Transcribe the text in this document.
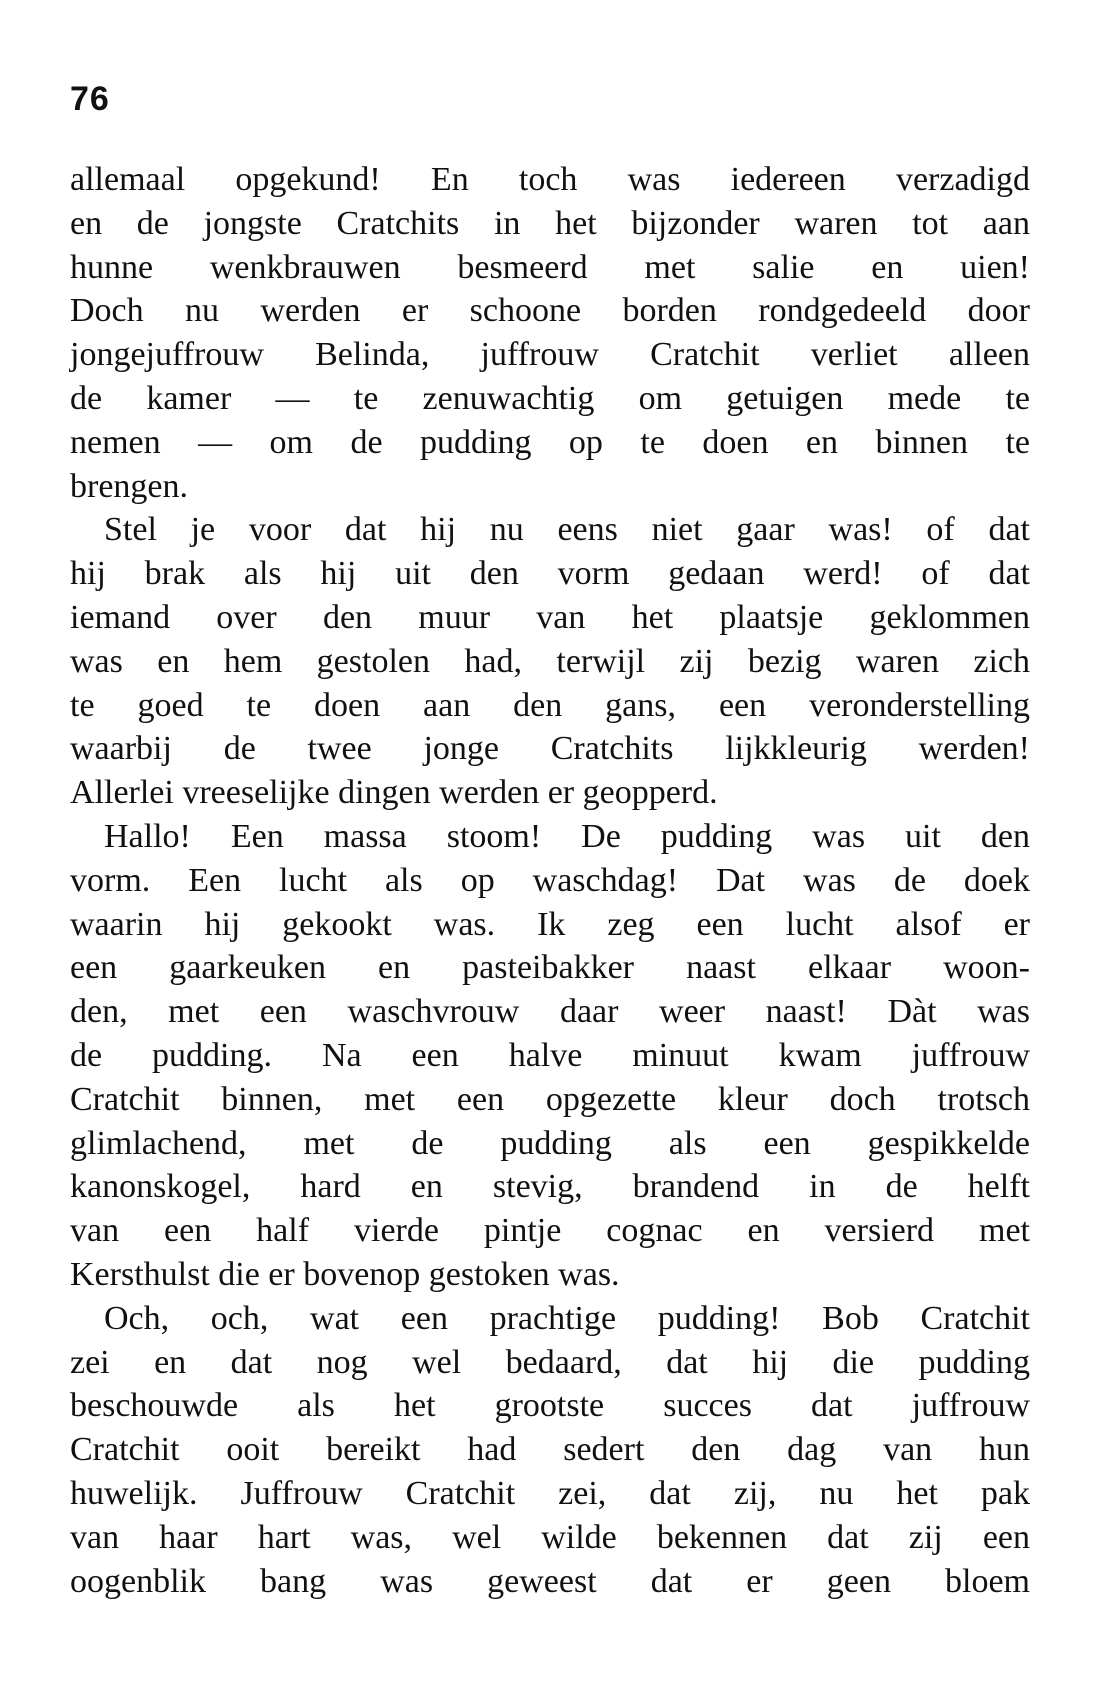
76
allemaal opgekund! En toch was iedereen verzadigd
en de jongste Cratchits in het bijzonder waren tot aan
hunne wenkbrauwen besmeerd met salie en uien!
Doch nu werden er schoone borden rondgedeeld door
jongejuffrouw Belinda, juffrouw Cratchit verliet alleen
de kamer — te zenuwachtig om getuigen mede te
nemen — om de pudding op te doen en binnen te
brengen.
Stel je voor dat hij nu eens niet gaar was! of dat
hij brak als hij uit den vorm gedaan werd! of dat
iemand over den muur van het plaatsje geklommen
was en hem gestolen had, terwijl zij bezig waren zich
te goed te doen aan den gans, een veronderstelling
waarbij de twee jonge Cratchits lijkkleurig werden!
Allerlei vreeselijke dingen werden er geopperd.
Hallo! Een massa stoom! De pudding was uit den
vorm. Een lucht als op waschdag! Dat was de doek
waarin hij gekookt was. Ik zeg een lucht alsof er
een gaarkeuken en pasteibakker naast elkaar woon-
den, met een waschvrouw daar weer naast! Dàt was
de pudding. Na een halve minuut kwam juffrouw
Cratchit binnen, met een opgezette kleur doch trotsch
glimlachend, met de pudding als een gespikkelde
kanonskogel, hard en stevig, brandend in de helft
van een half vierde pintje cognac en versierd met
Kersthulst die er bovenop gestoken was.
Och, och, wat een prachtige pudding! Bob Cratchit
zei en dat nog wel bedaard, dat hij die pudding
beschouwde als het grootste succes dat juffrouw
Cratchit ooit bereikt had sedert den dag van hun
huwelijk. Juffrouw Cratchit zei, dat zij, nu het pak
van haar hart was, wel wilde bekennen dat zij een
oogenblik bang was geweest dat er geen bloem
